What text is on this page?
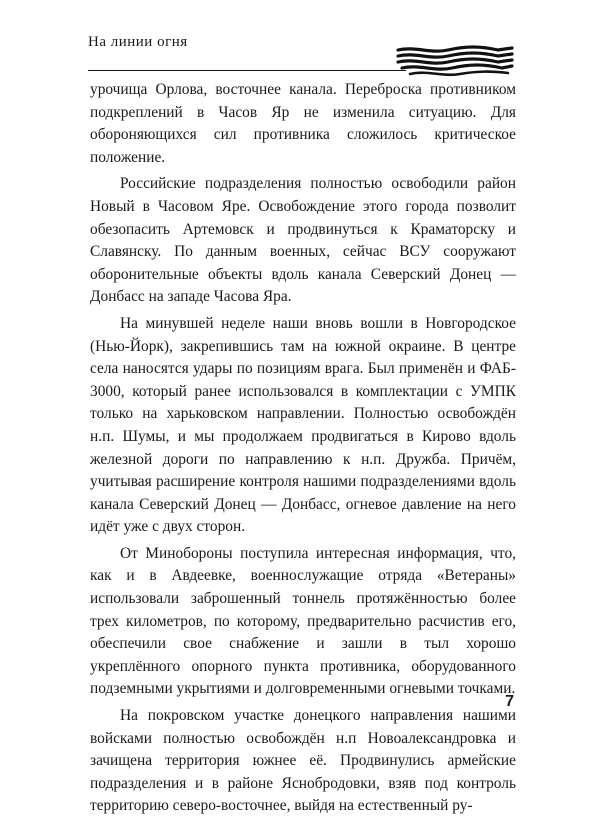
На линии огня

урочища Орлова, восточнее канала. Переброска противником подкреплений в Часов Яр не изменила ситуацию. Для обороняющихся сил противника сложилось критическое положение.

Российские подразделения полностью освободили район Новый в Часовом Яре. Освобождение этого города позволит обезопасить Артемовск и продвинуться к Краматорску и Славянску. По данным военных, сейчас ВСУ сооружают оборонительные объекты вдоль канала Северский Донец — Донбасс на западе Часова Яра.

На минувшей неделе наши вновь вошли в Новгородское (Нью-Йорк), закрепившись там на южной окраине. В центре села наносятся удары по позициям врага. Был применён и ФАБ- 3000, который ранее использовался в комплектации с УМПК только на харьковском направлении. Полностью освобождён н.п. Шумы, и мы продолжаем продвигаться в Кирово вдоль железной дороги по направлению к н.п. Дружба. Причём, учитывая расширение контроля нашими подразделениями вдоль канала Северский Донец — Донбасс, огневое давление на него идёт уже с двух сторон.

От Минобороны поступила интересная информация, что, как и в Авдеевке, военнослужащие отряда «Ветераны» использовали заброшенный тоннель протяжённостью более трех километров, по которому, предварительно расчистив его, обеспечили свое снабжение и зашли в тыл хорошо укреплённого опорного пункта противника, оборудованного подземными укрытиями и долговременными огневыми точками.

На покровском участке донецкого направления нашими войсками полностью освобождён н.п Новоалександровка и зачищена территория южнее её. Продвинулись армейские подразделения и в районе Яснобродовки, взяв под контроль территорию северо-восточнее, выйдя на естественный ру-

7
